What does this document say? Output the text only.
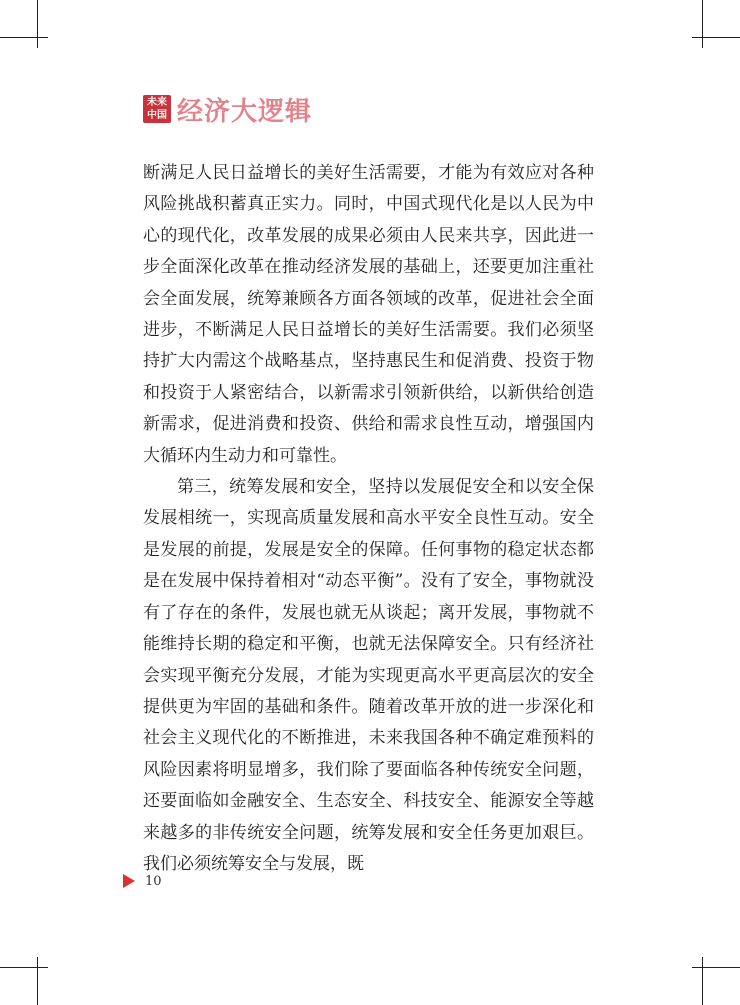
未来
中国 经济大逻辑

断满足人民日益增长的美好生活需要，才能为有效应对各种风险挑战积蓄真正实力。同时，中国式现代化是以人民为中心的现代化，改革发展的成果必须由人民来共享，因此进一步全面深化改革在推动经济发展的基础上，还要更加注重社会全面发展，统筹兼顾各方面各领域的改革，促进社会全面进步，不断满足人民日益增长的美好生活需要。我们必须坚持扩大内需这个战略基点，坚持惠民生和促消费、投资于物和投资于人紧密结合，以新需求引领新供给，以新供给创造新需求，促进消费和投资、供给和需求良性互动，增强国内大循环内生动力和可靠性。

第三，统筹发展和安全，坚持以发展促安全和以安全保发展相统一，实现高质量发展和高水平安全良性互动。安全是发展的前提，发展是安全的保障。任何事物的稳定状态都是在发展中保持着相对“动态平衡”。没有了安全，事物就没有了存在的条件，发展也就无从谈起；离开发展，事物就不能维持长期的稳定和平衡，也就无法保障安全。只有经济社会实现平衡充分发展，才能为实现更高水平更高层次的安全提供更为牢固的基础和条件。随着改革开放的进一步深化和社会主义现代化的不断推进，未来我国各种不确定难预料的风险因素将明显增多，我们除了要面临各种传统安全问题，还要面临如金融安全、生态安全、科技安全、能源安全等越来越多的非传统安全问题，统筹发展和安全任务更加艰巨。我们必须统筹安全与发展，既

10
